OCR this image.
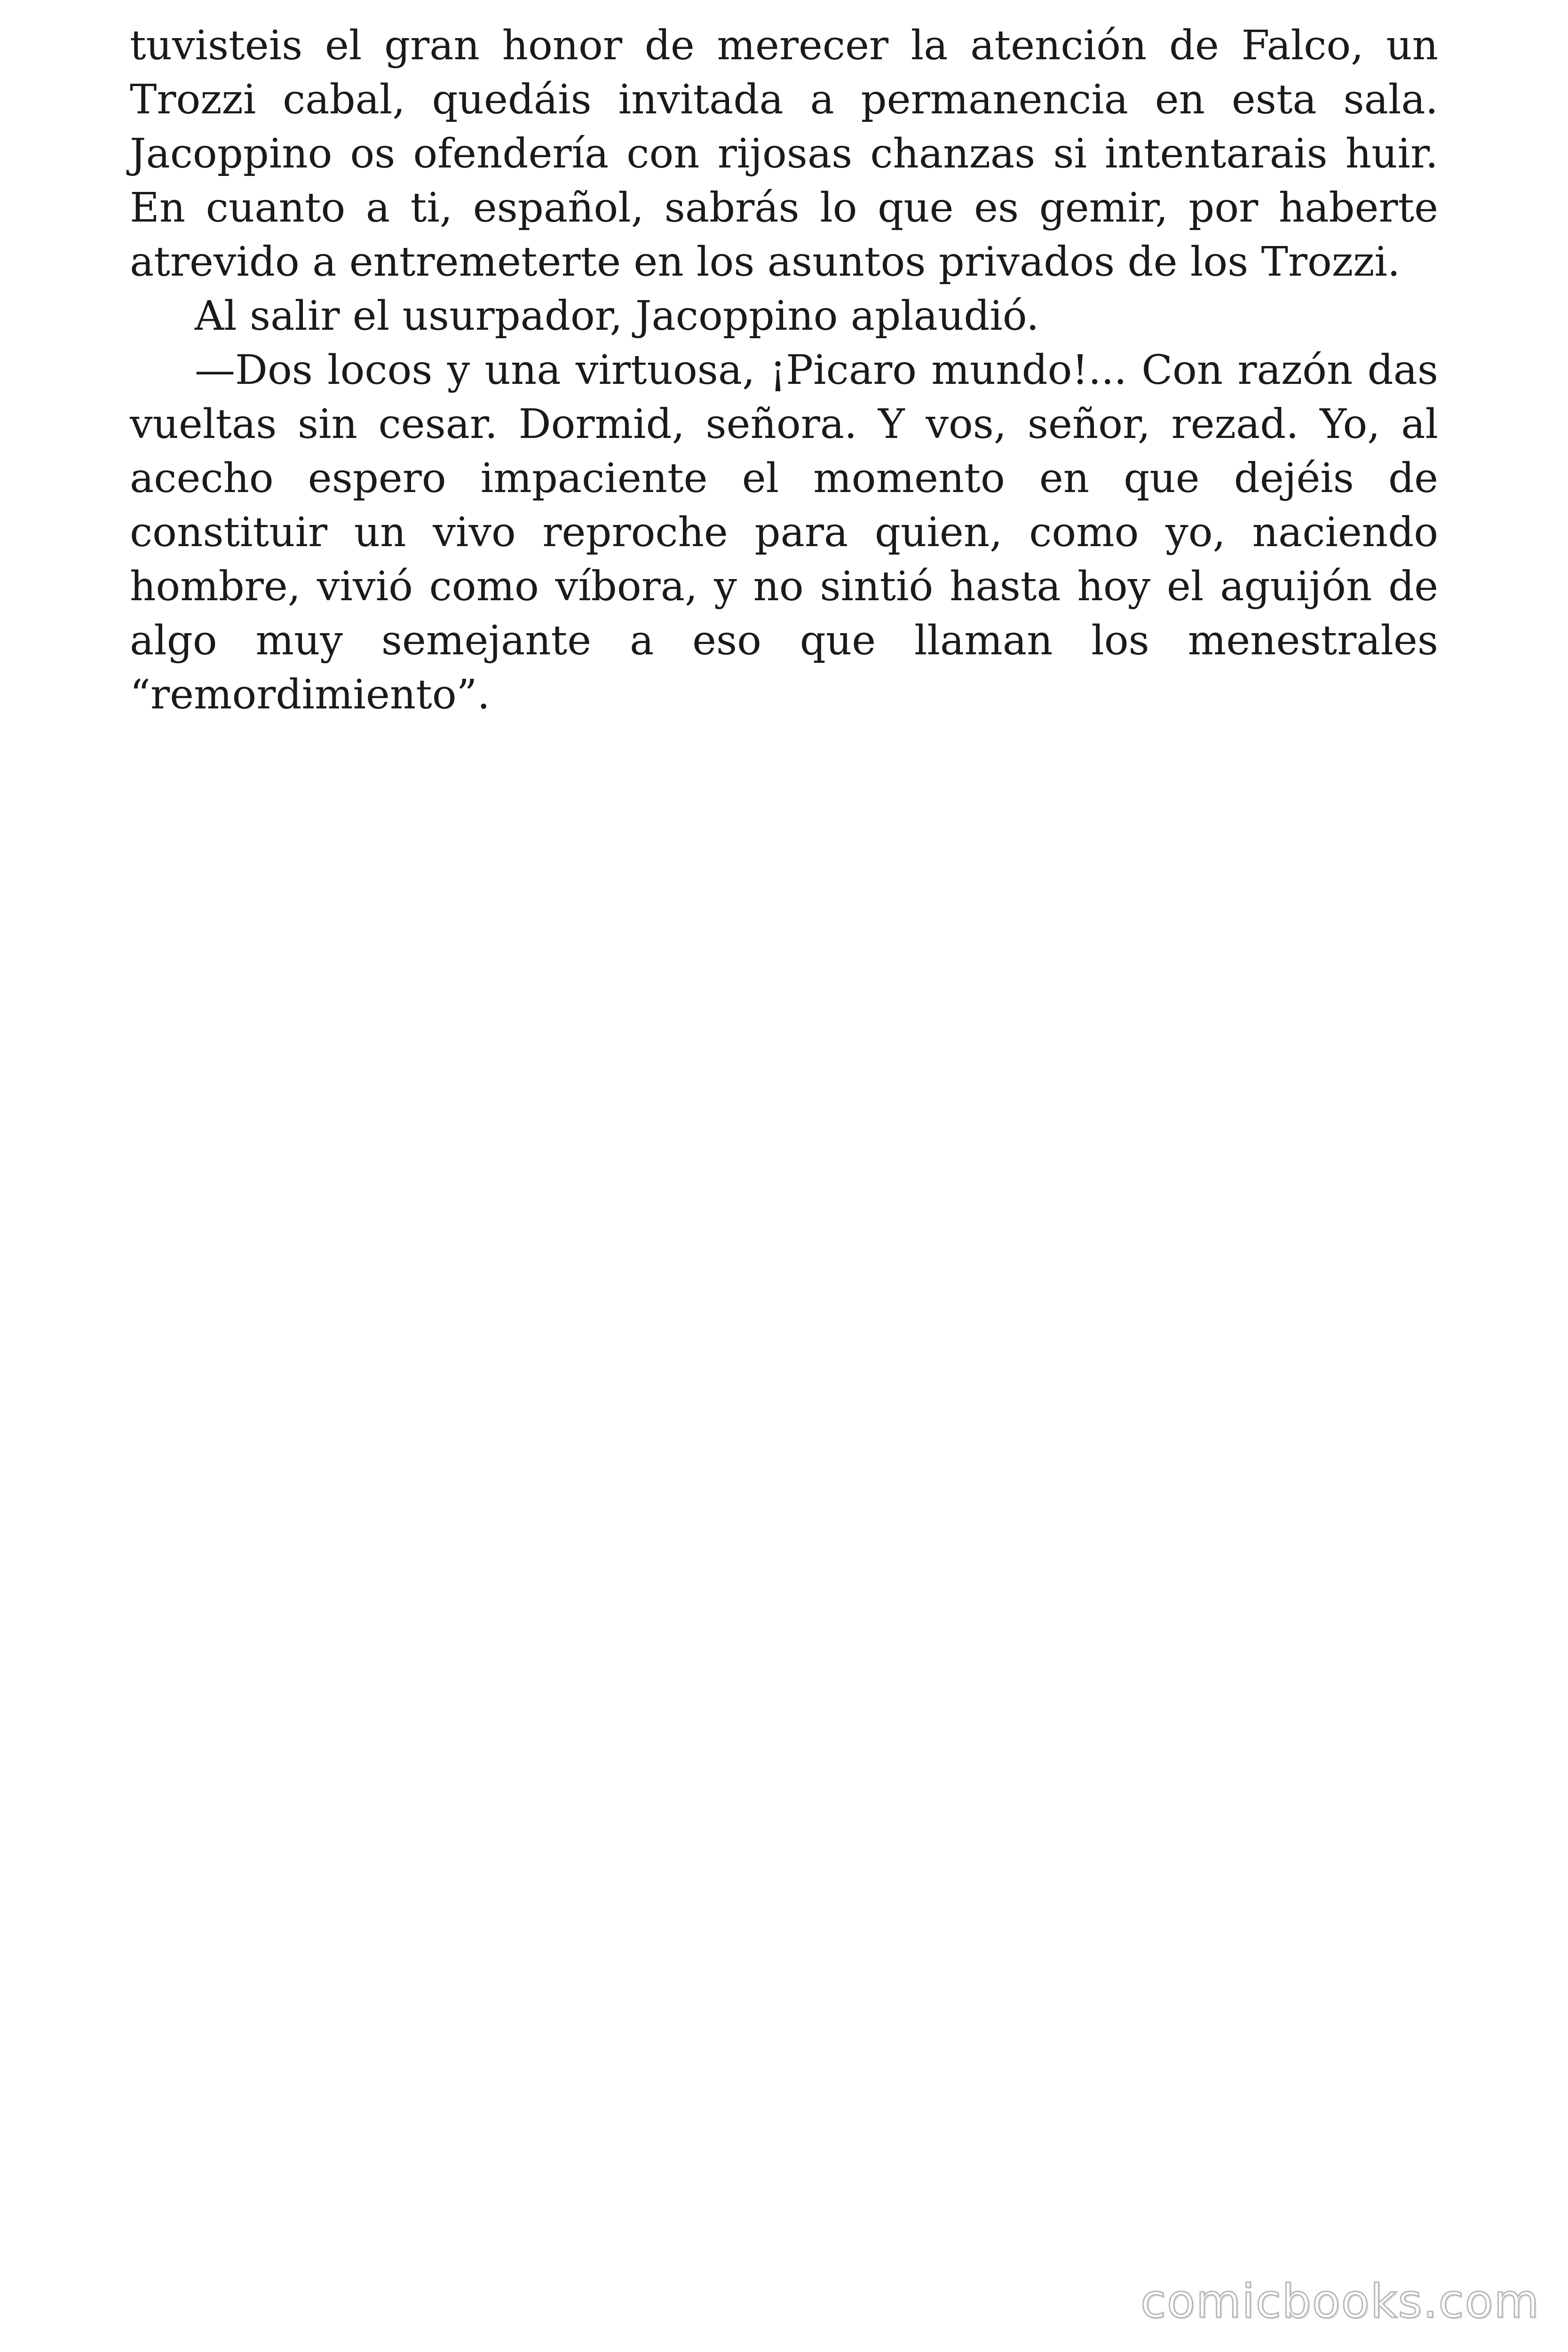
tuvisteis el gran honor de merecer la atención de Falco, un Trozzi cabal, quedáis invitada a permanencia en esta sala. Jacoppino os ofendería con rijosas chanzas si intentarais huir. En cuanto a ti, español, sabrás lo que es gemir, por haberte atrevido a entremeterte en los asuntos privados de los Trozzi.

Al salir el usurpador, Jacoppino aplaudió.

—Dos locos y una virtuosa, ¡Picaro mundo!... Con razón das vueltas sin cesar. Dormid, señora. Y vos, señor, rezad. Yo, al acecho espero impaciente el momento en que dejéis de constituir un vivo reproche para quien, como yo, naciendo hombre, vivió como víbora, y no sintió hasta hoy el aguijón de algo muy semejante a eso que llaman los menestrales “remordimiento”.

comicbooks.com
